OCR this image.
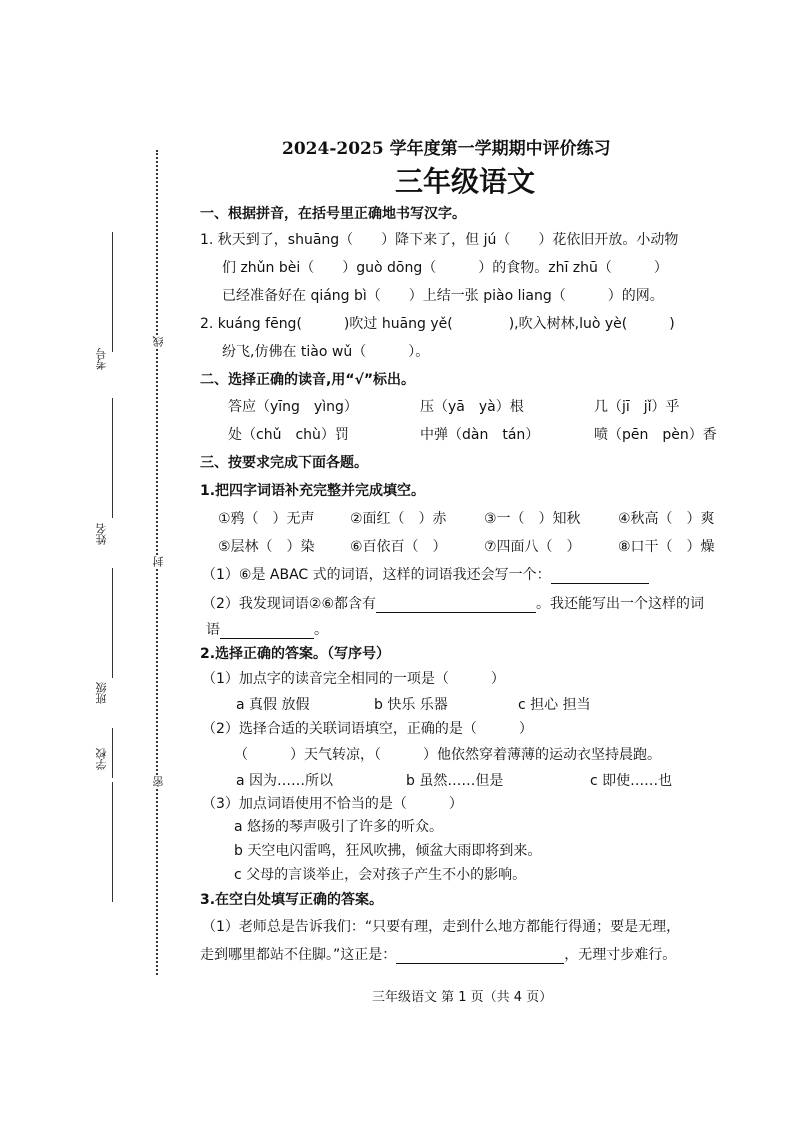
考号
姓名
班级
学校
线
封
密
2024-2025 学年度第一学期期中评价练习
三年级语文
一、根据拼音，在括号里正确地书写汉字。
1. 秋天到了，shuāng（　　）降下来了，但 jú（　　）花依旧开放。小动物
们 zhǔn bèi（　　）guò dōng（　　　）的食物。zhī zhū（　　　）
已经准备好在 qiáng bì（　　）上结一张 piào liang（　　　）的网。
2. kuáng fēng(　　　)吹过 huāng yě(　　　　),吹入树林,luò yè(　　　)
纷飞,仿佛在 tiào wǔ（　　　）。
二、选择正确的读音,用“√”标出。
答应（yīng　yìng）	压（yā　yà）根	几（jī　jǐ）乎
处（chǔ　chù）罚	中弹（dàn　tán）	喷（pēn　pèn）香
三、按要求完成下面各题。
1.把四字词语补充完整并完成填空。
①鸦（　）无声	②面红（　）赤	③一（　）知秋	④秋高（　）爽
⑤层林（　）染	⑥百依百（　）	⑦四面八（　）	⑧口干（　）燥
（1）⑥是 ABAC 式的词语，这样的词语我还会写一个：
（2）我发现词语②⑥都含有	。我还能写出一个这样的词
语	。
2.选择正确的答案。（写序号）
（1）加点字的读音完全相同的一项是（　　　）
a 真假 放假	b 快乐 乐器	c 担心 担当
（2）选择合适的关联词语填空，正确的是（　　　）
（　　　）天气转凉，（　　　）他依然穿着薄薄的运动衣坚持晨跑。
a 因为……所以	b 虽然……但是	c 即使……也
（3）加点词语使用不恰当的是（　　　）
a 悠扬的琴声吸引了许多的听众。
b 天空电闪雷鸣，狂风吹拂，倾盆大雨即将到来。
c 父母的言谈举止，会对孩子产生不小的影响。
3.在空白处填写正确的答案。
（1）老师总是告诉我们：“只要有理，走到什么地方都能行得通；要是无理，
走到哪里都站不住脚。”这正是：	，无理寸步难行。
三年级语文 第 1 页（共 4 页）
